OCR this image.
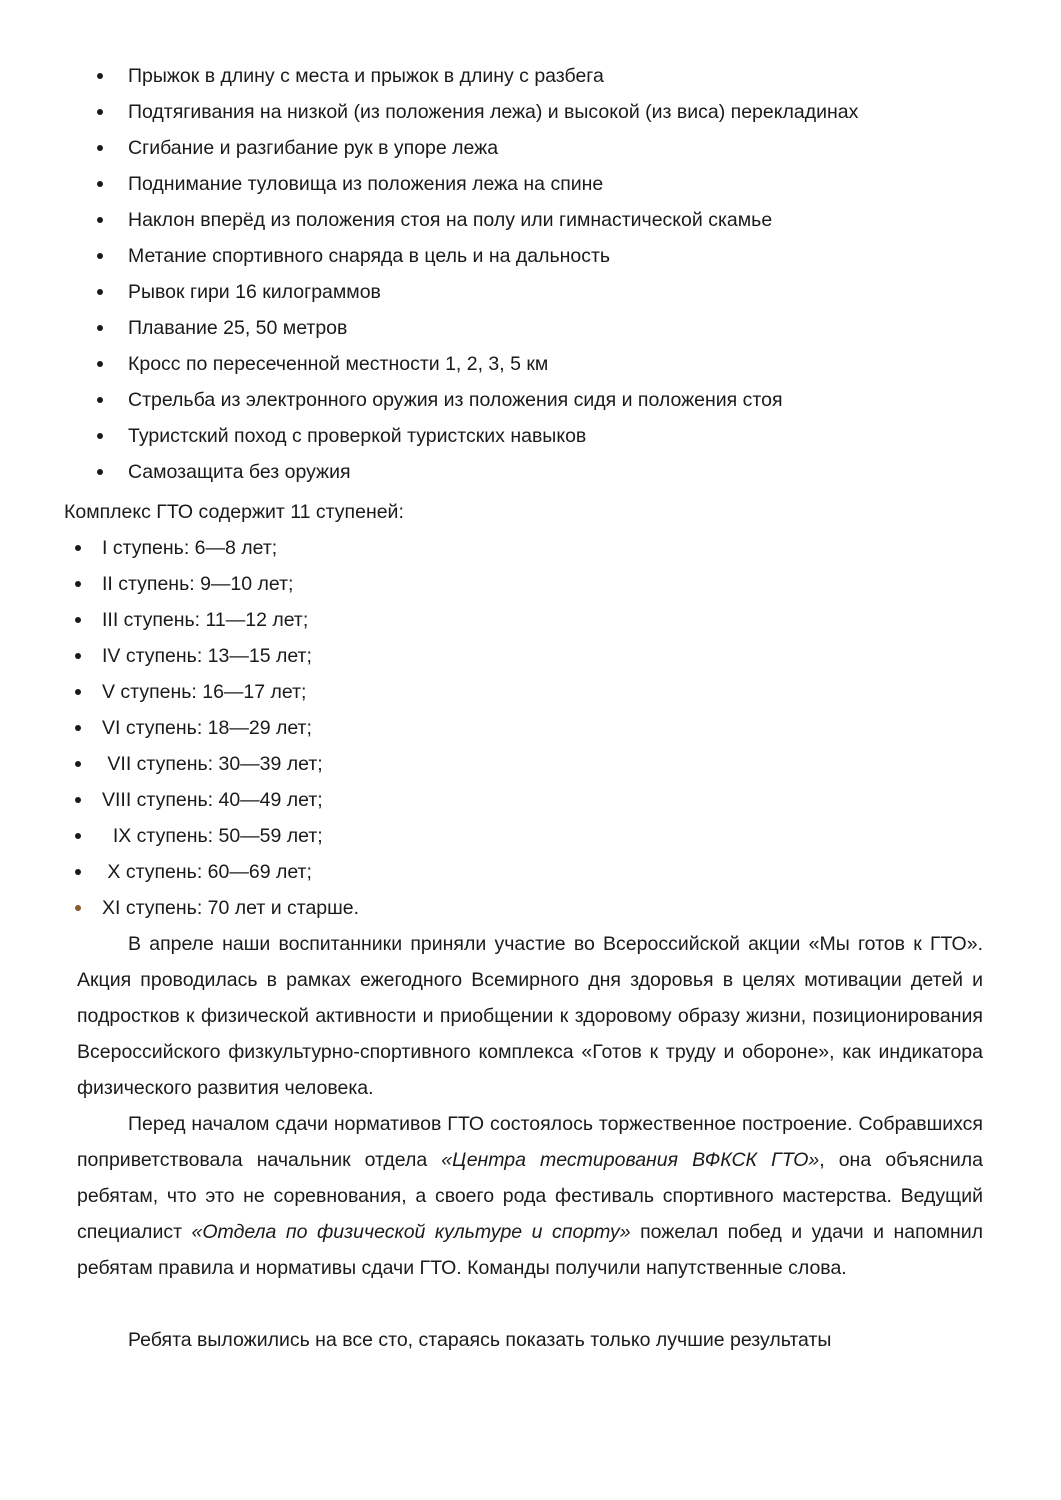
Прыжок в длину с места и прыжок в длину с разбега
Подтягивания на низкой (из положения лежа) и высокой (из виса) перекладинах
Сгибание и разгибание рук в упоре лежа
Поднимание туловища из положения лежа на спине
Наклон вперёд из положения стоя на полу или гимнастической скамье
Метание спортивного снаряда в цель и на дальность
Рывок гири 16 килограммов
Плавание 25, 50 метров
Кросс по пересеченной местности 1, 2, 3, 5 км
Стрельба из электронного оружия из положения сидя и положения стоя
Туристский поход с проверкой туристских навыков
Самозащита без оружия
Комплекс ГТО содержит 11 ступеней:
I ступень: 6—8 лет;
II ступень: 9—10 лет;
III ступень: 11—12 лет;
IV ступень: 13—15 лет;
V ступень: 16—17 лет;
VI ступень: 18—29 лет;
VII ступень: 30—39 лет;
VIII ступень: 40—49 лет;
IX ступень: 50—59 лет;
X ступень: 60—69 лет;
XI ступень: 70 лет и старше.

В апреле наши воспитанники приняли участие во Всероссийской акции «Мы готов к ГТО». Акция проводилась в рамках ежегодного Всемирного дня здоровья в целях мотивации детей и подростков к физической активности и приобщении к здоровому образу жизни, позиционирования Всероссийского физкультурно-спортивного комплекса «Готов к труду и обороне», как индикатора физического развития человека.

Перед началом сдачи нормативов ГТО состоялось торжественное построение. Собравшихся поприветствовала начальник отдела «Центра тестирования ВФКСК ГТО», она объяснила ребятам, что это не соревнования, а своего рода фестиваль спортивного мастерства. Ведущий специалист «Отдела по физической культуре и спорту» пожелал побед и удачи и напомнил ребятам правила и нормативы сдачи ГТО. Команды получили напутственные слова.

Ребята выложились на все сто, стараясь показать только лучшие результаты
